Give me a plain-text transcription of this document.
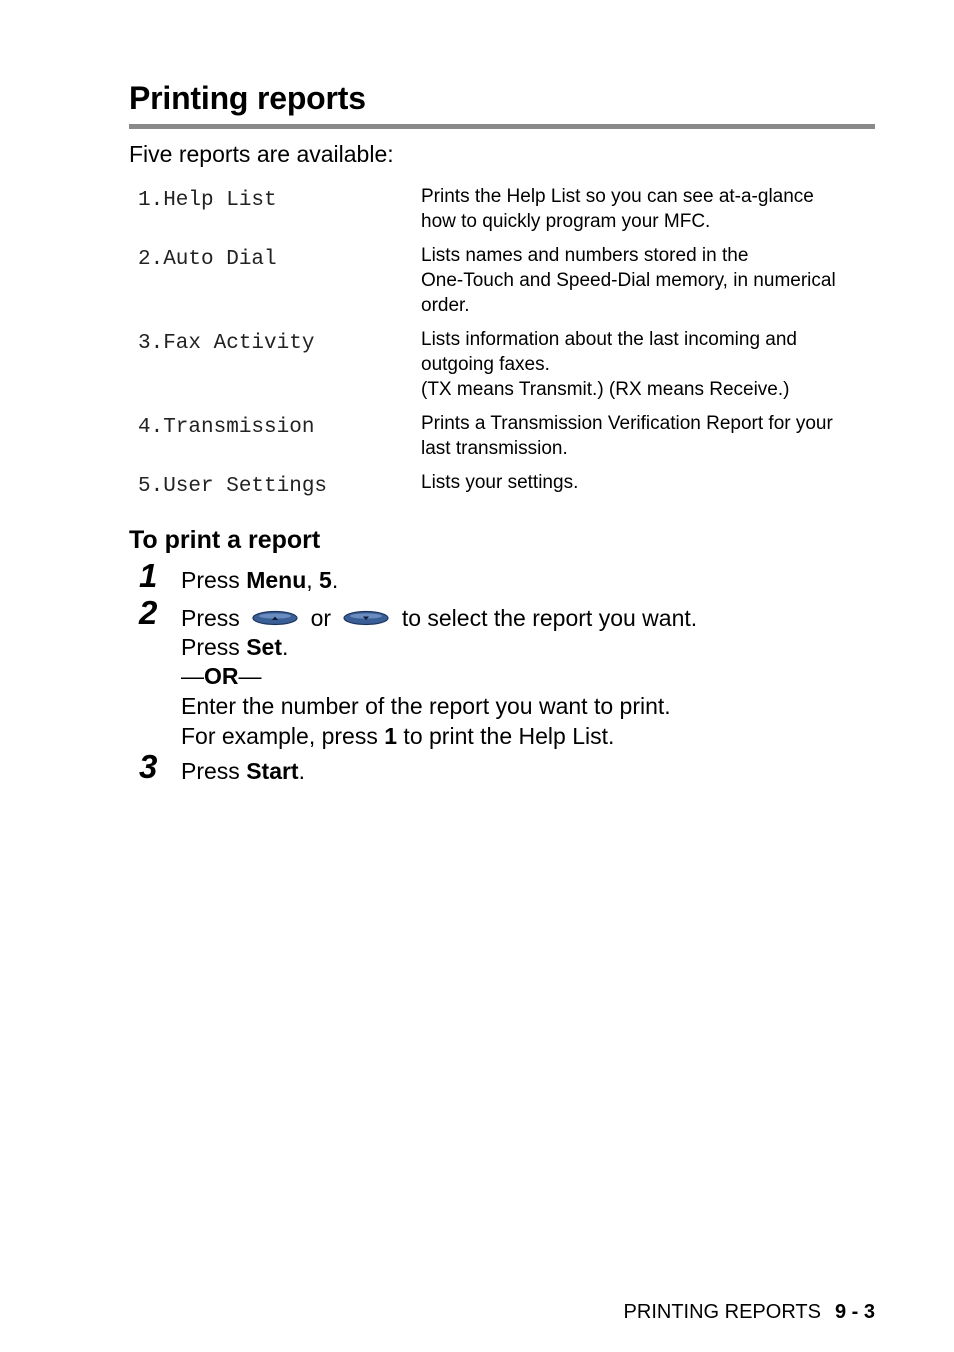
Printing reports
Five reports are available:
1.Help List	Prints the Help List so you can see at-a-glance
how to quickly program your MFC.
2.Auto Dial	Lists names and numbers stored in the
One-Touch and Speed-Dial memory, in numerical
order.
3.Fax Activity	Lists information about the last incoming and
outgoing faxes.
(TX means Transmit.) (RX means Receive.)
4.Transmission	Prints a Transmission Verification Report for your
last transmission.
5.User Settings	Lists your settings.
To print a report
1 Press Menu, 5.
2 Press	or	to select the report you want.
Press Set.
—OR—
Enter the number of the report you want to print.
For example, press 1 to print the Help List.
3 Press Start.
PRINTING REPORTS 9 - 3
